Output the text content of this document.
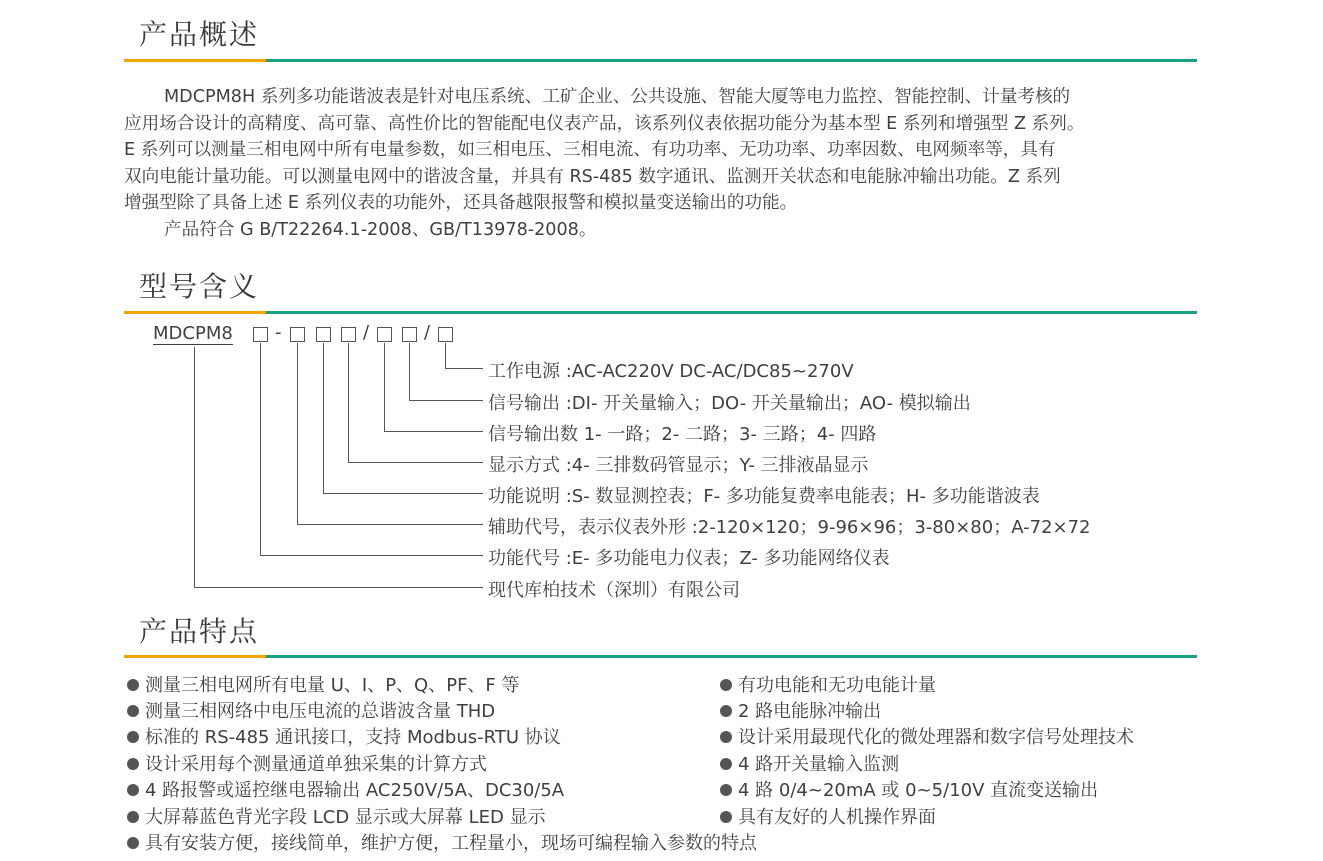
产品概述
MDCPM8H 系列多功能谐波表是针对电压系统、工矿企业、公共设施、智能大厦等电力监控、智能控制、计量考核的
应用场合设计的高精度、高可靠、高性价比的智能配电仪表产品，该系列仪表依据功能分为基本型 E 系列和增强型 Z 系列。
E 系列可以测量三相电网中所有电量参数，如三相电压、三相电流、有功功率、无功功率、功率因数、电网频率等，具有
双向电能计量功能。可以测量电网中的谐波含量，并具有 RS-485 数字通讯、监测开关状态和电能脉冲输出功能。Z 系列
增强型除了具备上述 E 系列仪表的功能外，还具备越限报警和模拟量变送输出的功能。
产品符合 G B/T22264.1-2008、GB/T13978-2008。
型号含义
MDCPM8 -	/	/
工作电源 :AC-AC220V DC-AC/DC85~270V
信号输出 :DI- 开关量输入；DO- 开关量输出；AO- 模拟输出
信号输出数 1- 一路；2- 二路；3- 三路；4- 四路
显示方式 :4- 三排数码管显示；Y- 三排液晶显示
功能说明 :S- 数显测控表；F- 多功能复费率电能表；H- 多功能谐波表
辅助代号，表示仪表外形 :2-120×120；9-96×96；3-80×80；A-72×72
功能代号 :E- 多功能电力仪表；Z- 多功能网络仪表
现代库柏技术（深圳）有限公司
产品特点
测量三相电网所有电量 U、I、P、Q、PF、F 等
测量三相网络中电压电流的总谐波含量 THD
标准的 RS-485 通讯接口，支持 Modbus-RTU 协议
设计采用每个测量通道单独采集的计算方式
4 路报警或遥控继电器输出 AC250V/5A、DC30/5A
大屏幕蓝色背光字段 LCD 显示或大屏幕 LED 显示
具有安装方便，接线简单，维护方便，工程量小，现场可编程输入参数的特点
有功电能和无功电能计量
2 路电能脉冲输出
设计采用最现代化的微处理器和数字信号处理技术
4 路开关量输入监测
4 路 0/4~20mA 或 0~5/10V 直流变送输出
具有友好的人机操作界面
